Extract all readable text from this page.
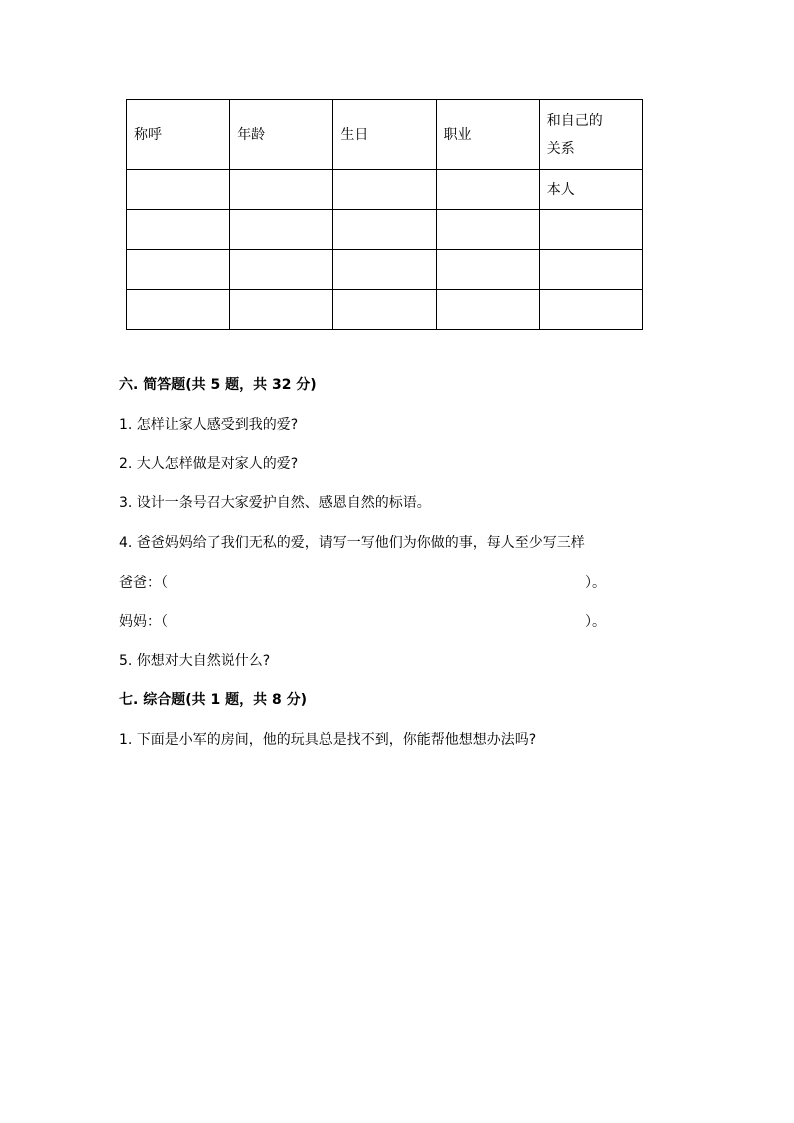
称呼	年龄	生日	职业	和自己的关系
				本人

六. 简答题(共 5 题，共 32 分)
1. 怎样让家人感受到我的爱?
2. 大人怎样做是对家人的爱?
3. 设计一条号召大家爱护自然、感恩自然的标语。
4. 爸爸妈妈给了我们无私的爱，请写一写他们为你做的事，每人至少写三样
爸爸：（	）。
妈妈：（	）。
5. 你想对大自然说什么?
七. 综合题(共 1 题，共 8 分)
1. 下面是小军的房间，他的玩具总是找不到，你能帮他想想办法吗?
